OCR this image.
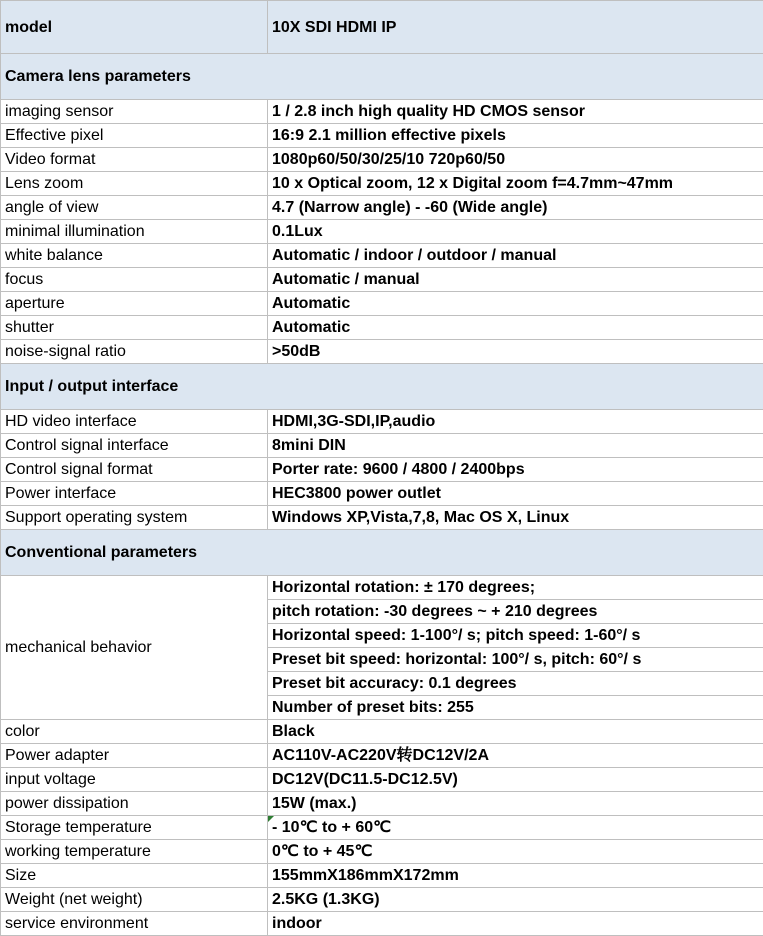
model	10X SDI HDMI IP
Camera lens parameters	
imaging sensor	1 / 2.8 inch high quality HD CMOS sensor
Effective pixel	16:9 2.1 million effective pixels
Video format	1080p60/50/30/25/10 720p60/50
Lens zoom	10 x Optical zoom, 12 x Digital zoom f=4.7mm~47mm
angle of view	4.7 (Narrow angle) - -60 (Wide angle)
minimal illumination	0.1Lux
white balance	Automatic / indoor / outdoor / manual
focus	Automatic / manual
aperture	Automatic
shutter	Automatic
noise-signal ratio	>50dB
Input / output interface	
HD video interface	HDMI,3G-SDI,IP,audio
Control signal interface	8mini DIN
Control signal format	Porter rate: 9600 / 4800 / 2400bps
Power interface	HEC3800 power outlet
Support operating system	Windows XP,Vista,7,8, Mac OS X, Linux
Conventional parameters	
mechanical behavior	Horizontal rotation: ± 170 degrees;
	pitch rotation: -30 degrees ~ + 210 degrees
	Horizontal speed: 1-100°/ s; pitch speed: 1-60°/ s
	Preset bit speed: horizontal: 100°/ s, pitch: 60°/ s
	Preset bit accuracy: 0.1 degrees
	Number of preset bits: 255
color	Black
Power adapter	AC110V-AC220V转DC12V/2A
input voltage	DC12V(DC11.5-DC12.5V)
power dissipation	15W (max.)
Storage temperature	- 10℃ to + 60℃
working temperature	0℃ to + 45℃
Size	155mmX186mmX172mm
Weight (net weight)	2.5KG (1.3KG)
service environment	indoor
